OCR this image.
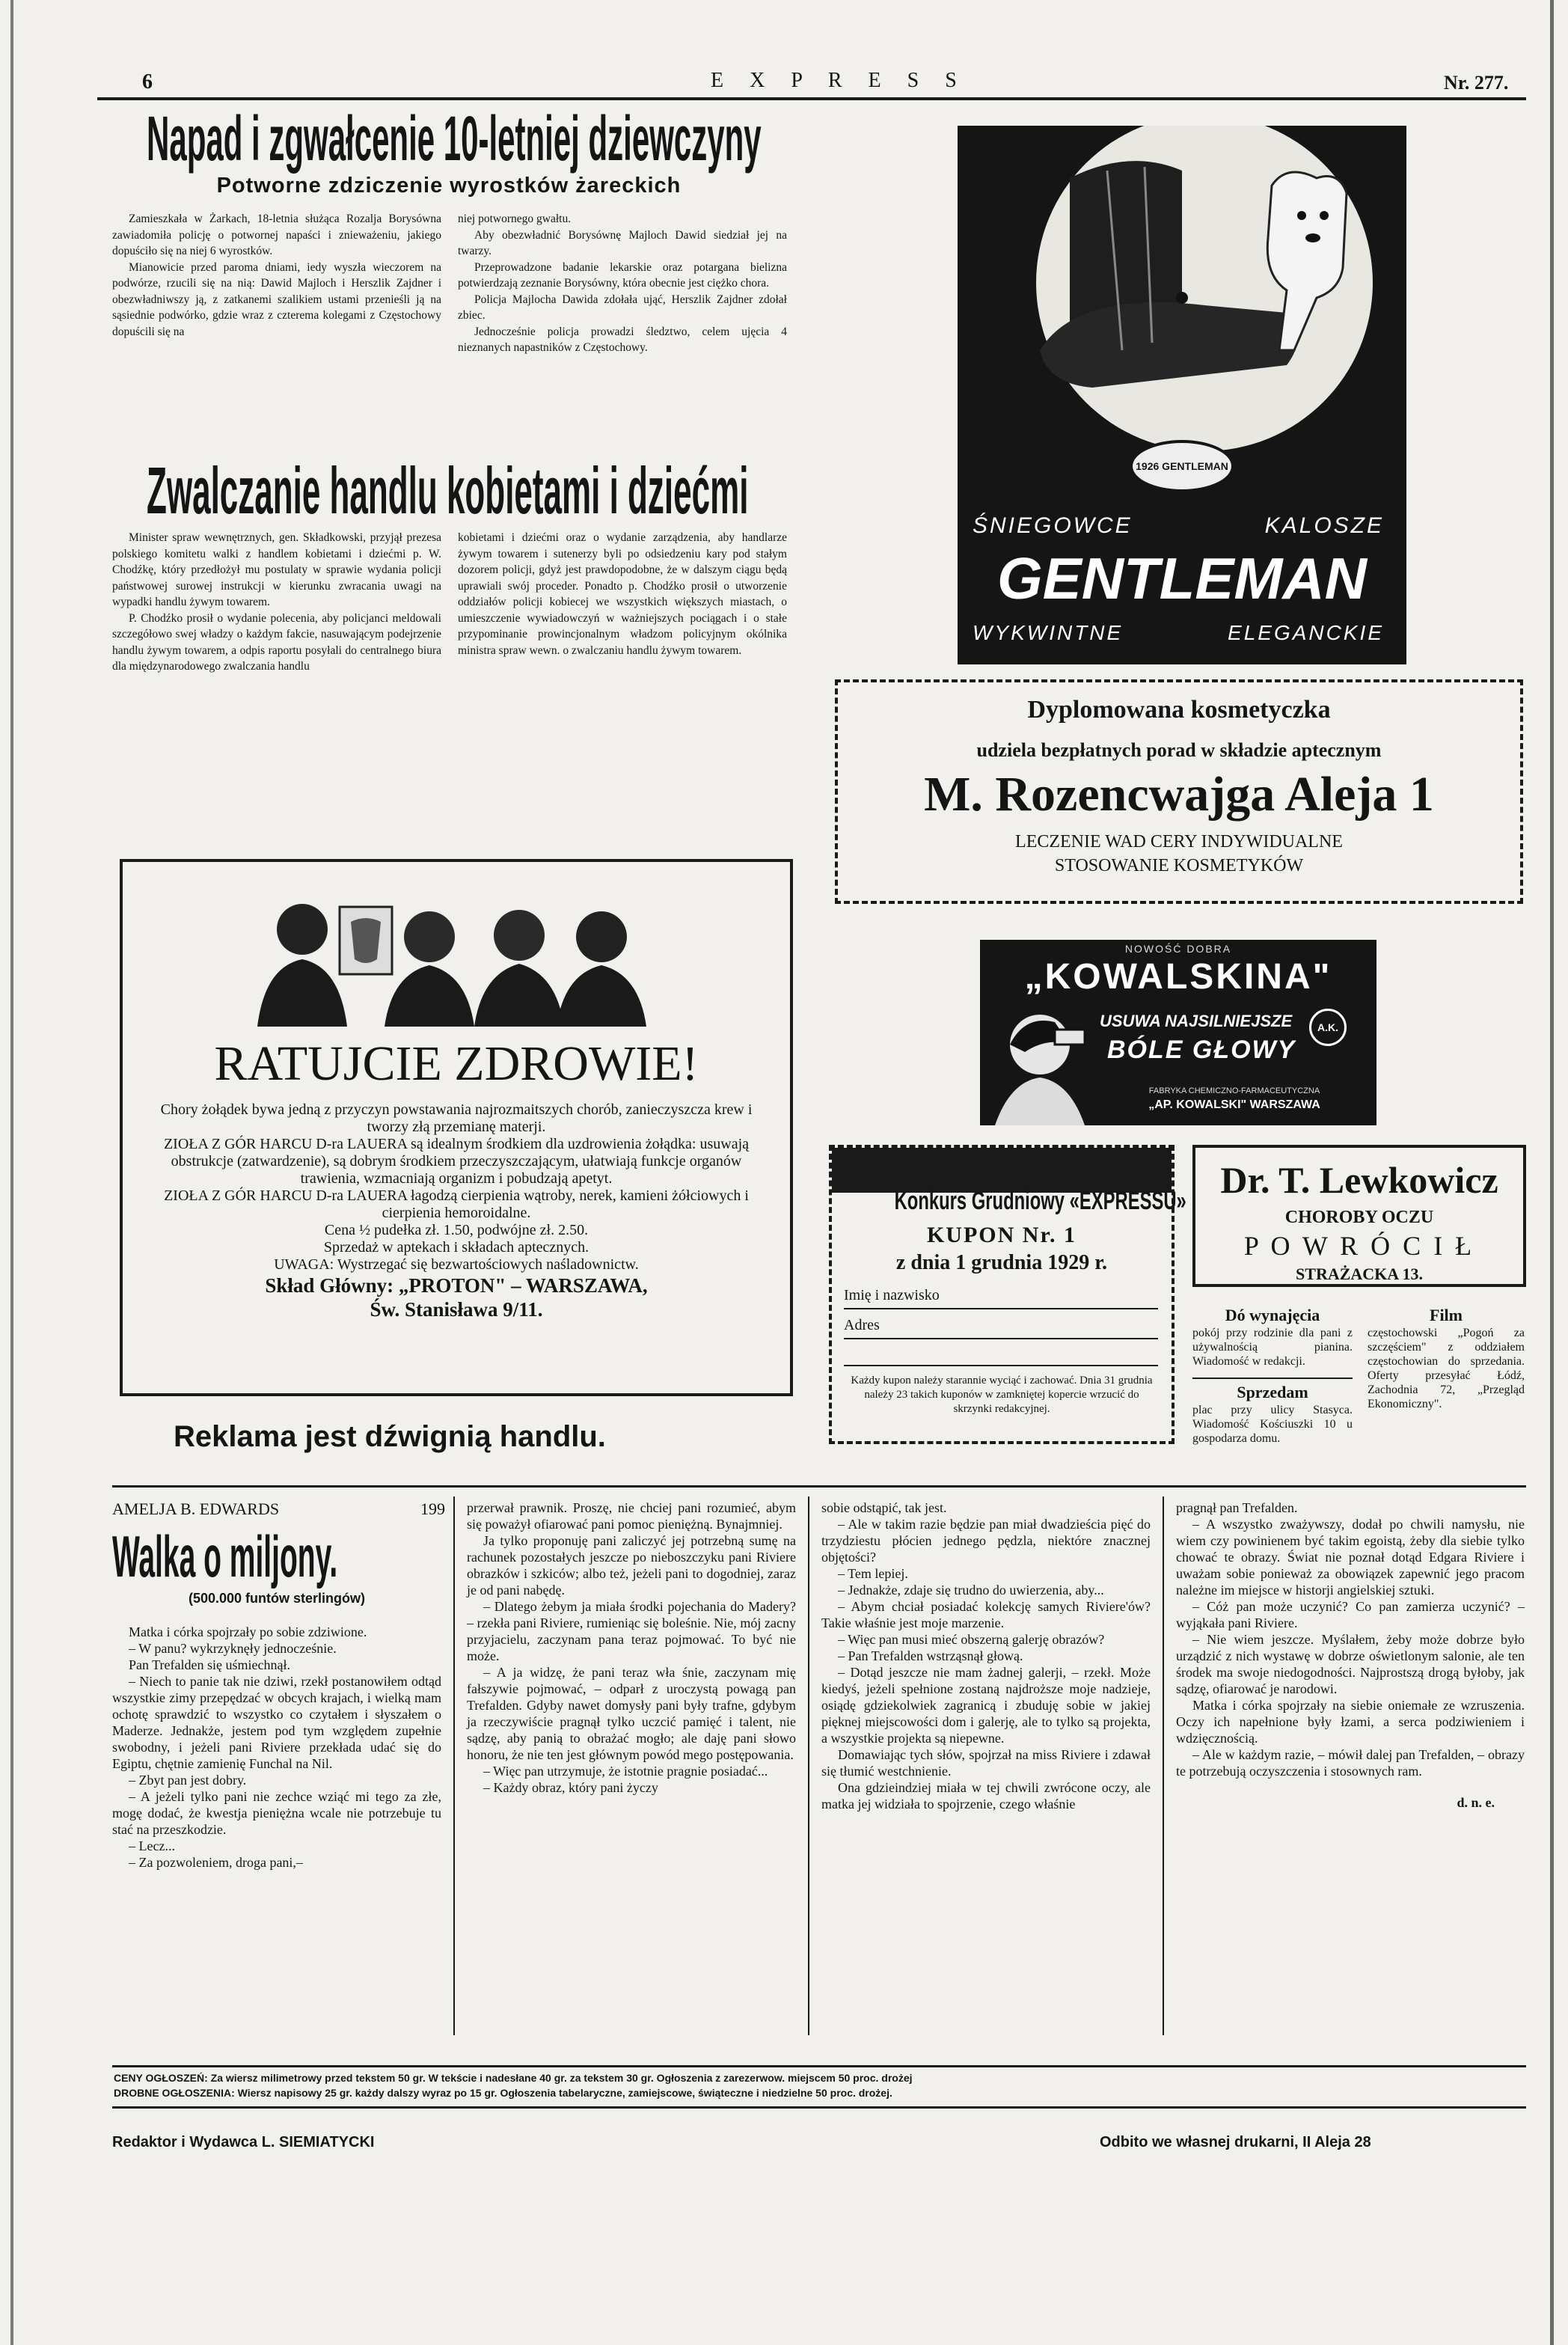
6	E X P R E S S	Nr. 277.
Napad i zgwałcenie 10-letniej dziewczyny
Potworne zdziczenie wyrostków żareckich

Zamieszkała w Żarkach, 18-letnia służąca Rozalja Borysówna zawiadomiła policję o potwornej napaści i znieważeniu, jakiego dopuściło się na niej 6 wyrostków.

Mianowicie przed paroma dniami, iedy wyszła wieczorem na podwórze, rzucili się na nią: Dawid Majloch i Herszlik Zajdner i obezwładniwszy ją, z zatkanemi szalikiem ustami przenieśli ją na sąsiednie podwórko, gdzie wraz z czterema kolegami z Częstochowy dopuścili się na

niej potwornego gwałtu.

Aby obezwładnić Borysównę Majloch Dawid siedział jej na twarzy.

Przeprowadzone badanie lekarskie oraz potargana bielizna potwierdzają zeznanie Borysówny, która obecnie jest ciężko chora.

Policja Majlocha Dawida zdołała ująć, Herszlik Zajdner zdołał zbiec.

Jednocześnie policja prowadzi śledztwo, celem ujęcia 4 nieznanych napastników z Częstochowy.

Zwalczanie handlu kobietami i dziećmi

Minister spraw wewnętrznych, gen. Składkowski, przyjął prezesa polskiego komitetu walki z handlem kobietami i dziećmi p. W. Chodźkę, który przedłożył mu postulaty w sprawie wydania policji państwowej surowej instrukcji w kierunku zwracania uwagi na wypadki handlu żywym towarem.

P. Chodźko prosił o wydanie polecenia, aby policjanci meldowali szczegółowo swej władzy o każdym fakcie, nasuwającym podejrzenie handlu żywym towarem, a odpis raportu posyłali do centralnego biura dla międzynarodowego zwalczania handlu

kobietami i dziećmi oraz o wydanie zarządzenia, aby handlarze żywym towarem i sutenerzy byli po odsiedzeniu kary pod stałym dozorem policji, gdyż jest prawdopodobne, że w dalszym ciągu będą uprawiali swój proceder. Ponadto p. Chodźko prosił o utworzenie oddziałów policji kobiecej we wszystkich większych miastach, o umieszczenie wywiadowczyń w ważniejszych pociągach i o stałe przypominanie prowincjonalnym władzom policyjnym okólnika ministra spraw wewn. o zwalczaniu handlu żywym towarem.

1926 GENTLEMAN
ŚNIEGOWCE	KALOSZE
GENTLEMAN
WYKWINTNE	ELEGANCKIE
Dyplomowana kosmetyczka
udziela bezpłatnych porad w składzie aptecznym
M. Rozencwajga Aleja 1
LECZENIE WAD CERY INDYWIDUALNE
STOSOWANIE KOSMETYKÓW
RATUJCIE ZDROWIE!

Chory żołądek bywa jedną z przyczyn powstawania najrozmaitszych chorób, zanieczyszcza krew i tworzy złą przemianę materji.

ZIOŁA Z GÓR HARCU D-ra LAUERA są idealnym środkiem dla uzdrowienia żołądka: usuwają obstrukcje (zatwardzenie), są dobrym środkiem przeczyszczającym, ułatwiają funkcje organów trawienia, wzmacniają organizm i pobudzają apetyt.

ZIOŁA Z GÓR HARCU D-ra LAUERA łagodzą cierpienia wątroby, nerek, kamieni żółciowych i cierpienia hemoroidalne.

Cena ½ pudełka zł. 1.50, podwójne zł. 2.50.

Sprzedaż w aptekach i składach aptecznych.

UWAGA: Wystrzegać się bezwartościowych naśladownictw.

Skład Główny: „PROTON" – WARSZAWA,

Św. Stanisława 9/11.

NOWOŚĆ DOBRA
„KOWALSKINA"
USUWA NAJSILNIEJSZE
BÓLE GŁOWY
A.K.
FABRYKA CHEMICZNO-FARMACEUTYCZNA
„AP. KOWALSKI" WARSZAWA
Konkurs Grudniowy «EXPRESSU»
KUPON Nr. 1
z dnia 1 grudnia 1929 r.
Imię i nazwisko
Adres
Każdy kupon należy starannie wyciąć i zachować. Dnia 31 grudnia należy 23 takich kuponów w zamkniętej kopercie wrzucić do skrzynki redakcyjnej.
Dr. T. Lewkowicz
CHOROBY OCZU
P O W R Ó C I Ł
STRAŻACKA 13.
Dó wynajęcia
pokój przy rodzinie dla pani z używalnością pianina. Wiadomość w redakcji.
Sprzedam
plac przy ulicy Stasyca. Wiadomość Kościuszki 10 u gospodarza domu.
Film
częstochowski „Pogoń za szczęściem" z oddziałem częstochowian do sprzedania. Oferty przesyłać Łódź, Zachodnia 72, „Przegląd Ekonomiczny".
Reklama jest dźwignią handlu.
AMELJA B. EDWARDS	199
Walka o miljony.
(500.000 funtów sterlingów)

Matka i córka spojrzały po sobie zdziwione.

– W panu? wykrzyknęły jednocześnie.

Pan Trefalden się uśmiechnął.

– Niech to panie tak nie dziwi, rzekł postanowiłem odtąd wszystkie zimy przepędzać w obcych krajach, i wielką mam ochotę sprawdzić to wszystko co czytałem i słyszałem o Maderze. Jednakże, jestem pod tym względem zupełnie swobodny, i jeżeli pani Riviere przekłada udać się do Egiptu, chętnie zamienię Funchal na Nil.

– Zbyt pan jest dobry.

– A jeżeli tylko pani nie zechce wziąć mi tego za złe, mogę dodać, że kwestja pieniężna wcale nie potrzebuje tu stać na przeszkodzie.

– Lecz...

– Za pozwoleniem, droga pani,–

przerwał prawnik. Proszę, nie chciej pani rozumieć, abym się poważył ofiarować pani pomoc pieniężną. Bynajmniej.

Ja tylko proponuję pani zaliczyć jej potrzebną sumę na rachunek pozostałych jeszcze po nieboszczyku pani Riviere obrazków i szkiców; albo też, jeżeli pani to dogodniej, zaraz je od pani nabędę.

– Dlatego żebym ja miała środki pojechania do Madery? – rzekła pani Riviere, rumieniąc się boleśnie. Nie, mój zacny przyjacielu, zaczynam pana teraz pojmować. To być nie może.

– A ja widzę, że pani teraz wła śnie, zaczynam mię fałszywie pojmować, – odparł z uroczystą powagą pan Trefalden. Gdyby nawet domysły pani były trafne, gdybym ja rzeczywiście pragnął tylko uczcić pamięć i talent, nie sądzę, aby panią to obrażać mogło; ale daję pani słowo honoru, że nie ten jest głównym powód mego postępowania.

– Więc pan utrzymuje, że istotnie pragnie posiadać...

– Każdy obraz, który pani życzy

sobie odstąpić, tak jest.

– Ale w takim razie będzie pan miał dwadzieścia pięć do trzydziestu płócien jednego pędzla, niektóre znacznej objętości?

– Tem lepiej.

– Jednakże, zdaje się trudno do uwierzenia, aby...

– Abym chciał posiadać kolekcję samych Riviere'ów? Takie właśnie jest moje marzenie.

– Więc pan musi mieć obszerną galerję obrazów?

– Pan Trefalden wstrząsnął głową.

– Dotąd jeszcze nie mam żadnej galerji, – rzekł. Może kiedyś, jeżeli spełnione zostaną najdroższe moje nadzieje, osiądę gdziekolwiek zagranicą i zbuduję sobie w jakiej pięknej miejscowości dom i galerję, ale to tylko są projekta, a wszystkie projekta są niepewne.

Domawiając tych słów, spojrzał na miss Riviere i zdawał się tłumić westchnienie.

Ona gdzieindziej miała w tej chwili zwrócone oczy, ale matka jej widziała to spojrzenie, czego właśnie

pragnął pan Trefalden.

– A wszystko zważywszy, dodał po chwili namysłu, nie wiem czy powinienem być takim egoistą, żeby dla siebie tylko chować te obrazy. Świat nie poznał dotąd Edgara Riviere i uważam sobie ponieważ za obowiązek zapewnić jego pracom należne im miejsce w historji angielskiej sztuki.

– Cóż pan może uczynić? Co pan zamierza uczynić? – wyjąkała pani Riviere.

– Nie wiem jeszcze. Myślałem, żeby może dobrze było urządzić z nich wystawę w dobrze oświetlonym salonie, ale ten środek ma swoje niedogodności. Najprostszą drogą byłoby, jak sądzę, ofiarować je narodowi.

Matka i córka spojrzały na siebie oniemałe ze wzruszenia. Oczy ich napełnione były łzami, a serca podziwieniem i wdzięcznością.

– Ale w każdym razie, – mówił dalej pan Trefalden, – obrazy te potrzebują oczyszczenia i stosownych ram.

d. n. e.

CENY OGŁOSZEŃ: Za wiersz milimetrowy przed tekstem 50 gr. W tekście i nadesłane 40 gr. za tekstem 30 gr. Ogłoszenia z zarezerwow. miejscem 50 proc. drożej
DROBNE OGŁOSZENIA: Wiersz napisowy 25 gr. każdy dalszy wyraz po 15 gr. Ogłoszenia tabelaryczne, zamiejscowe, świąteczne i niedzielne 50 proc. drożej.
Redaktor i Wydawca L. SIEMIATYCKI	Odbito we własnej drukarni, II Aleja 28
